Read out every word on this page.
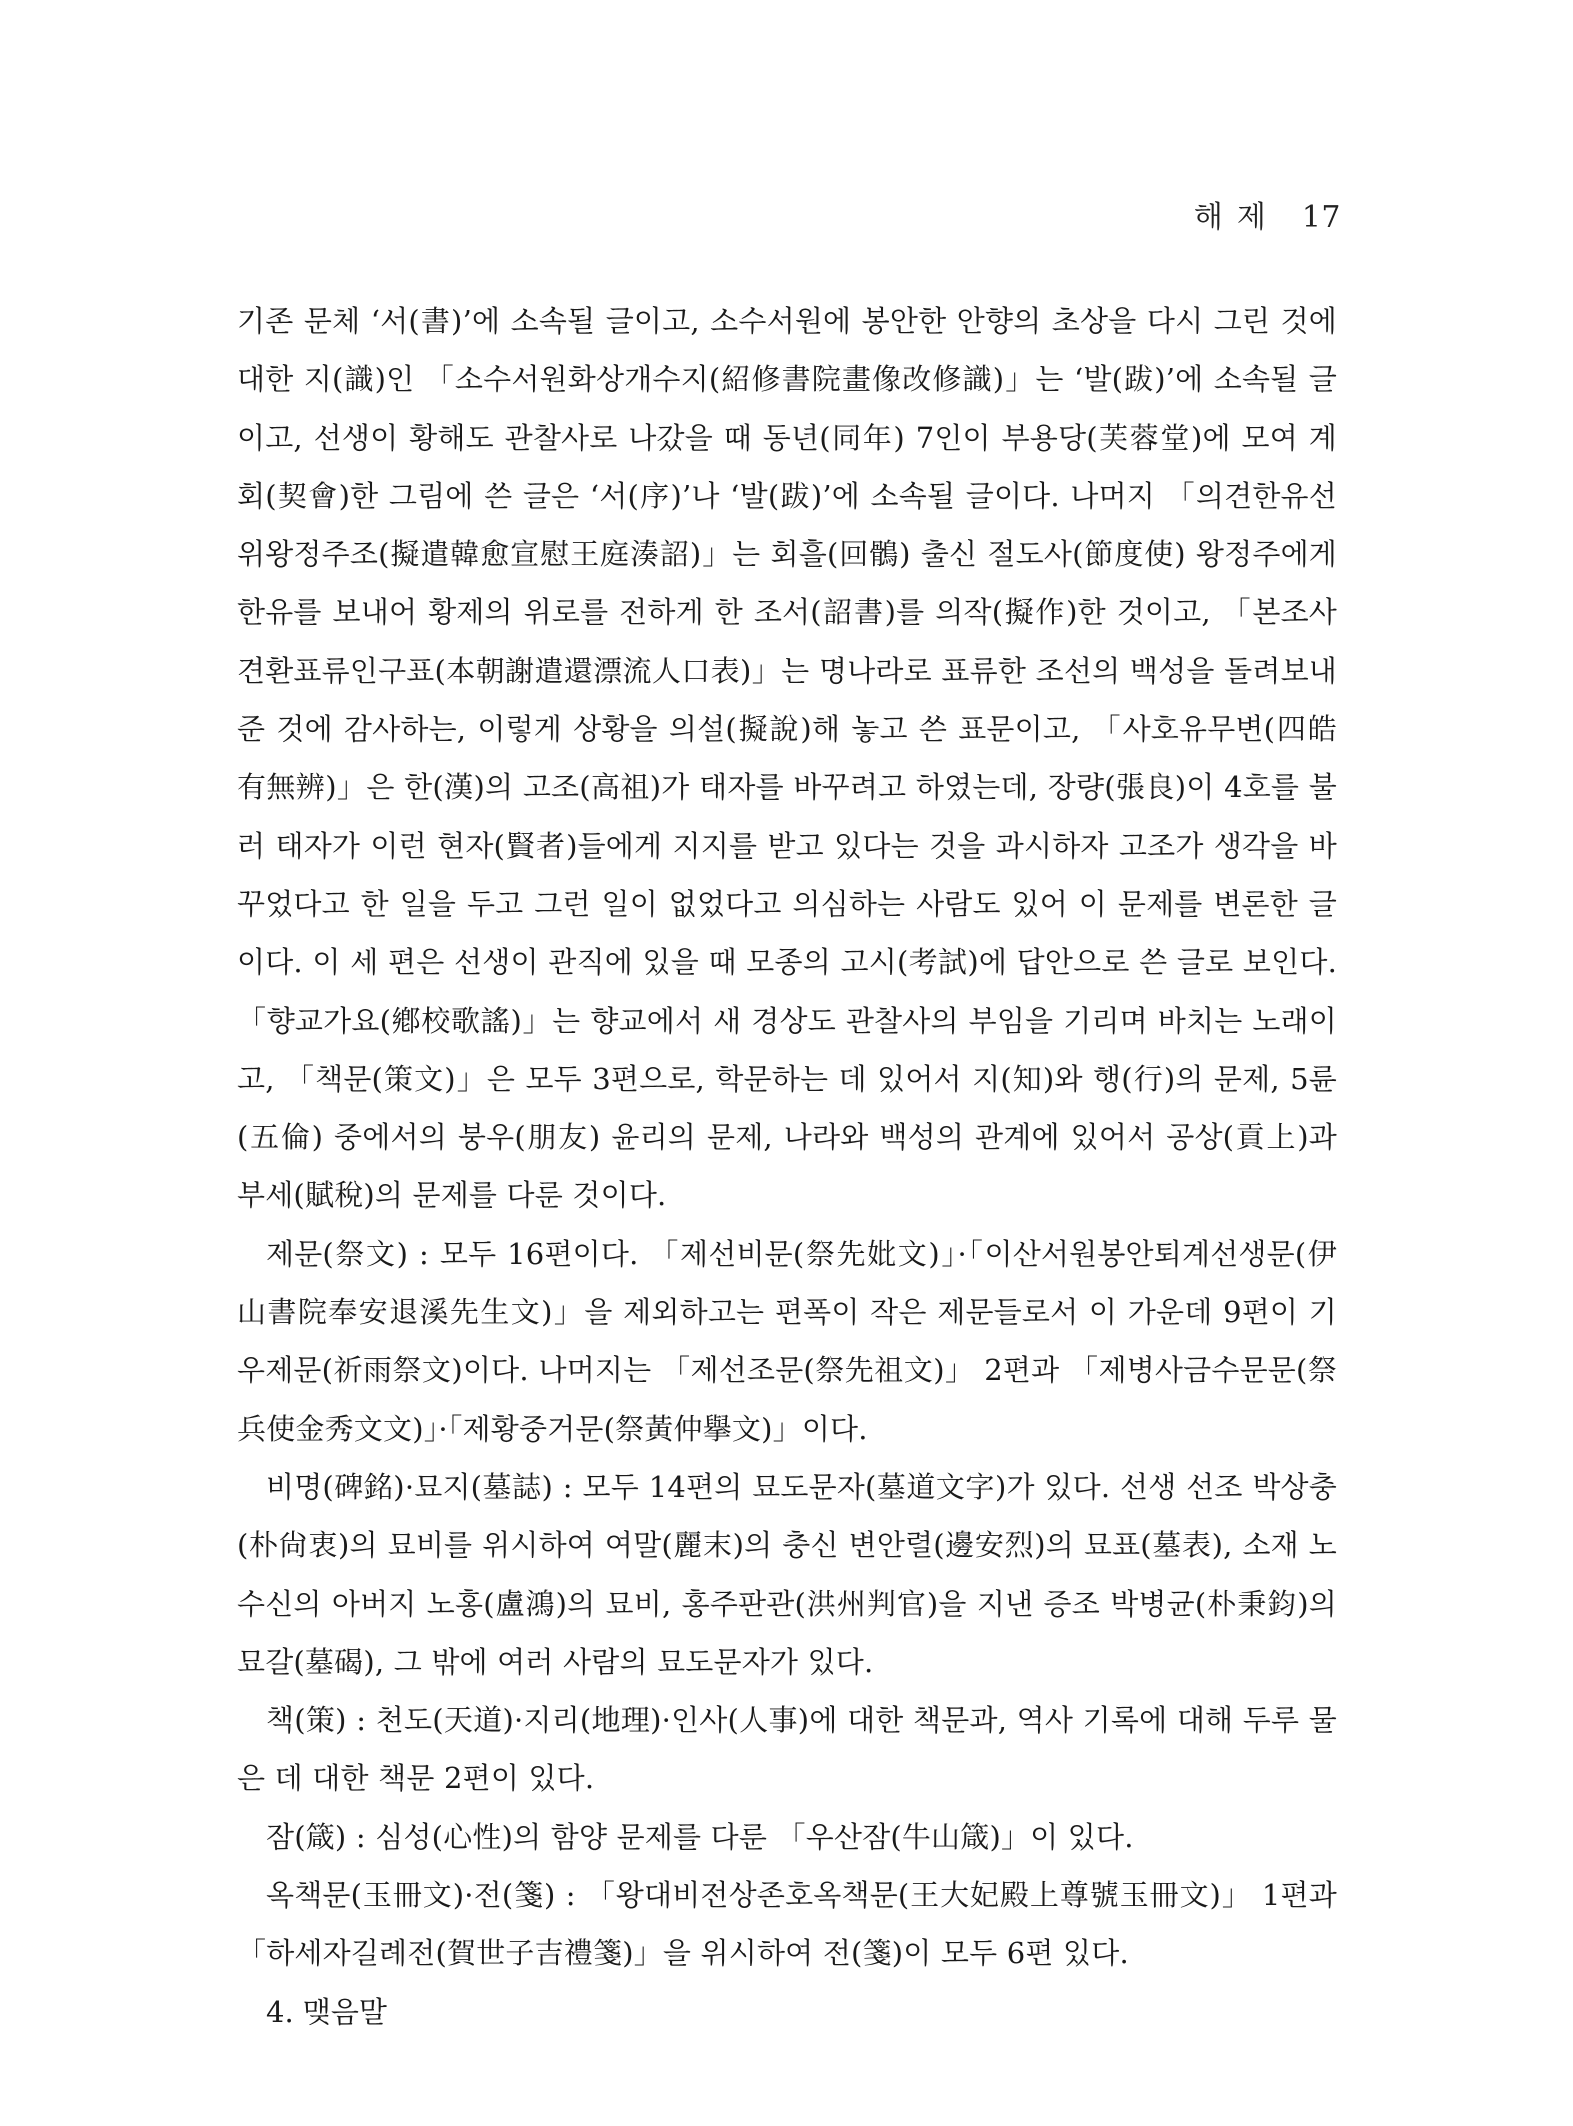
해제 17

기존 문체 ‘서(書)’에 소속될 글이고, 소수서원에 봉안한 안향의 초상을 다시 그린 것에 대한 지(識)인 「소수서원화상개수지(紹修書院畫像改修識)」는 ‘발(跋)’에 소속될 글이고, 선생이 황해도 관찰사로 나갔을 때 동년(同年) 7인이 부용당(芙蓉堂)에 모여 계회(契會)한 그림에 쓴 글은 ‘서(序)’나 ‘발(跋)’에 소속될 글이다. 나머지 「의견한유선위왕정주조(擬遣韓愈宣慰王庭湊詔)」는 회흘(回鶻) 출신 절도사(節度使) 왕정주에게 한유를 보내어 황제의 위로를 전하게 한 조서(詔書)를 의작(擬作)한 것이고, 「본조사견환표류인구표(本朝謝遣還漂流人口表)」는 명나라로 표류한 조선의 백성을 돌려보내 준 것에 감사하는, 이렇게 상황을 의설(擬說)해 놓고 쓴 표문이고, 「사호유무변(四皓有無辨)」은 한(漢)의 고조(高祖)가 태자를 바꾸려고 하였는데, 장량(張良)이 4호를 불러 태자가 이런 현자(賢者)들에게 지지를 받고 있다는 것을 과시하자 고조가 생각을 바꾸었다고 한 일을 두고 그런 일이 없었다고 의심하는 사람도 있어 이 문제를 변론한 글이다. 이 세 편은 선생이 관직에 있을 때 모종의 고시(考試)에 답안으로 쓴 글로 보인다. 「향교가요(鄕校歌謠)」는 향교에서 새 경상도 관찰사의 부임을 기리며 바치는 노래이고, 「책문(策文)」은 모두 3편으로, 학문하는 데 있어서 지(知)와 행(行)의 문제, 5륜(五倫) 중에서의 붕우(朋友) 윤리의 문제, 나라와 백성의 관계에 있어서 공상(貢上)과 부세(賦稅)의 문제를 다룬 것이다.

제문(祭文) : 모두 16편이다. 「제선비문(祭先妣文)」·「이산서원봉안퇴계선생문(伊山書院奉安退溪先生文)」을 제외하고는 편폭이 작은 제문들로서 이 가운데 9편이 기우제문(祈雨祭文)이다. 나머지는 「제선조문(祭先祖文)」 2편과 「제병사금수문문(祭兵使金秀文文)」·「제황중거문(祭黃仲擧文)」이다.

비명(碑銘)·묘지(墓誌) : 모두 14편의 묘도문자(墓道文字)가 있다. 선생 선조 박상충(朴尙衷)의 묘비를 위시하여 여말(麗末)의 충신 변안렬(邊安烈)의 묘표(墓表), 소재 노수신의 아버지 노홍(盧鴻)의 묘비, 홍주판관(洪州判官)을 지낸 증조 박병균(朴秉鈞)의 묘갈(墓碣), 그 밖에 여러 사람의 묘도문자가 있다.

책(策) : 천도(天道)·지리(地理)·인사(人事)에 대한 책문과, 역사 기록에 대해 두루 물은 데 대한 책문 2편이 있다.

잠(箴) : 심성(心性)의 함양 문제를 다룬 「우산잠(牛山箴)」이 있다.

옥책문(玉冊文)·전(箋) : 「왕대비전상존호옥책문(王大妃殿上尊號玉冊文)」 1편과 「하세자길례전(賀世子吉禮箋)」을 위시하여 전(箋)이 모두 6편 있다.

4. 맺음말
